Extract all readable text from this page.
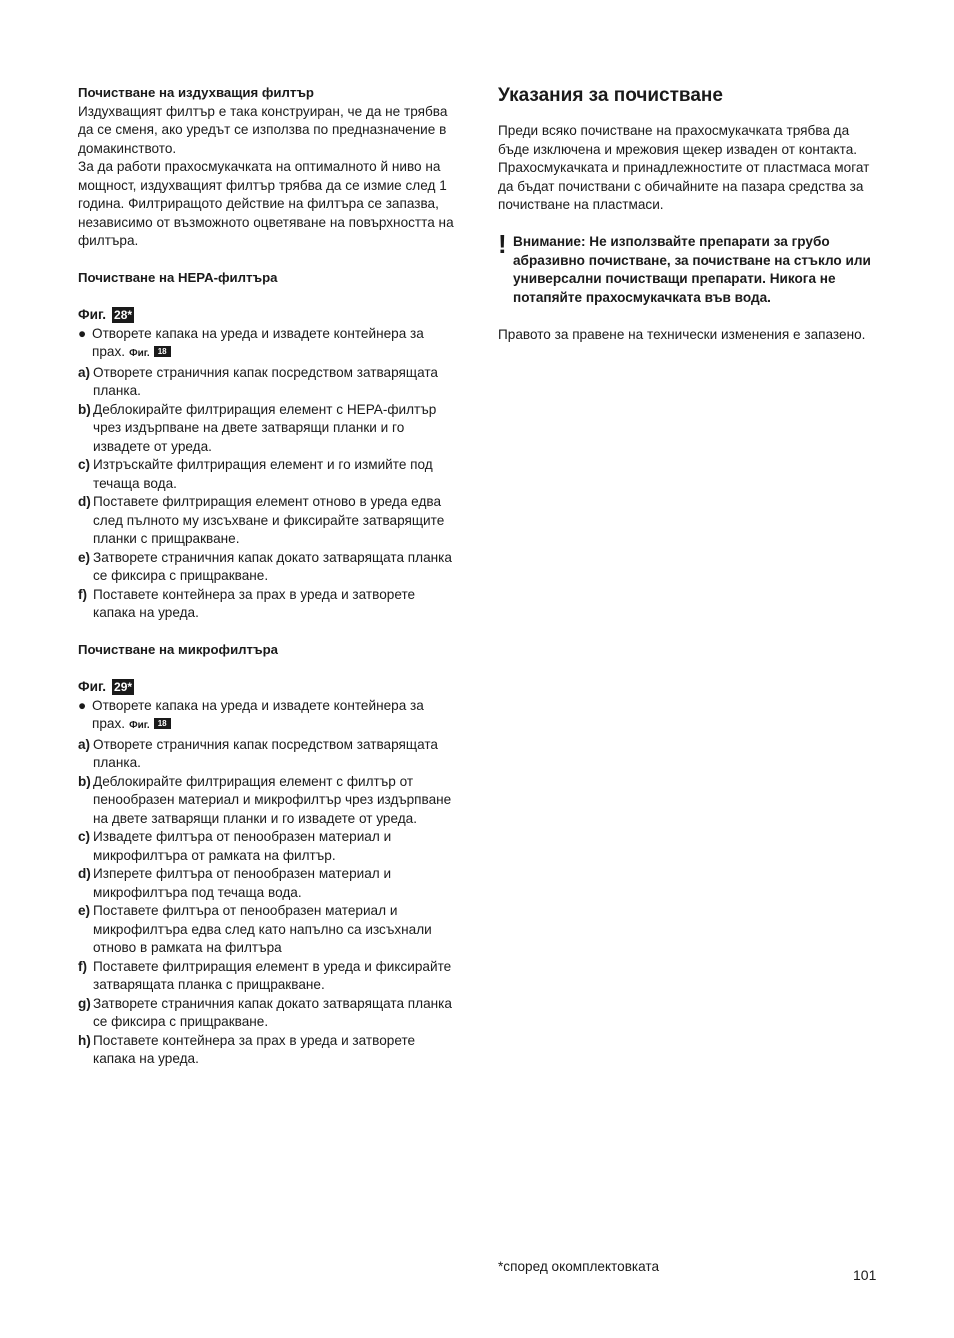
Почистване на издухващия филтър

Издухващият филтър е така конструиран, че да не трябва да се сменя, ако уредът се използва по предназначение в домакинството.

За да работи прахосмукачката на оптималното й ниво на мощност, издухващият филтър трябва да се измие след 1 година. Филтриращото действие на филтъра се запазва, независимо от възможното оцветяване на повърхността на филтъра.

Почистване на HEPA-филтъра

Фиг. 28*
● Отворете капака на уреда и извадете контейнера за прах. Фиг. 18
a) Отворете страничния капак посредством затварящата планка.
b) Деблокирайте филтриращия елемент с HEPA-филтър чрез издърпване на двете затварящи планки и го извадете от уреда.
c) Изтръскайте филтриращия елемент и го измийте под течаща вода.
d) Поставете филтриращия елемент отново в уреда едва след пълното му изсъхване и фиксирайте затварящите планки с прищракване.
e) Затворете страничния капак докато затварящата планка се фиксира с прищракване.
f) Поставете контейнера за прах в уреда и затворете капака на уреда.

Почистване на микрофилтъра

Фиг. 29*
● Отворете капака на уреда и извадете контейнера за прах. Фиг. 18
a) Отворете страничния капак посредством затварящата планка.
b) Деблокирайте филтриращия елемент с филтър от пенообразен материал и микрофилтър чрез издърпване на двете затварящи планки и го извадете от уреда.
c) Извадете филтъра от пенообразен материал и микрофилтъра от рамката на филтър.
d) Изперете филтъра от пенообразен материал и микрофилтъра под течаща вода.
e) Поставете филтъра от пенообразен материал и микрофилтъра едва след като напълно са изсъхнали отново в рамката на филтъра
f) Поставете филтриращия елемент в уреда и фиксирайте затварящата планка с прищракване.
g) Затворете страничния капак докато затварящата планка се фиксира с прищракване.
h) Поставете контейнера за прах в уреда и затворете капака на уреда.

Указания за почистване

Преди всяко почистване на прахосмукачката трябва да бъде изключена и мрежовия щекер изваден от контакта. Прахосмукачката и принадлежностите от пластмаса могат да бъдат почиствани с обичайните на пазара средства за почистване на пластмаси.

! Внимание: Не използвайте препарати за грубо абразивно почистване, за почистване на стъкло или универсални почистващи препарати. Никога не потапяйте прахосмукачката във вода.

Правото за правене на технически изменения е запазено.

*според окомплектовката
101
